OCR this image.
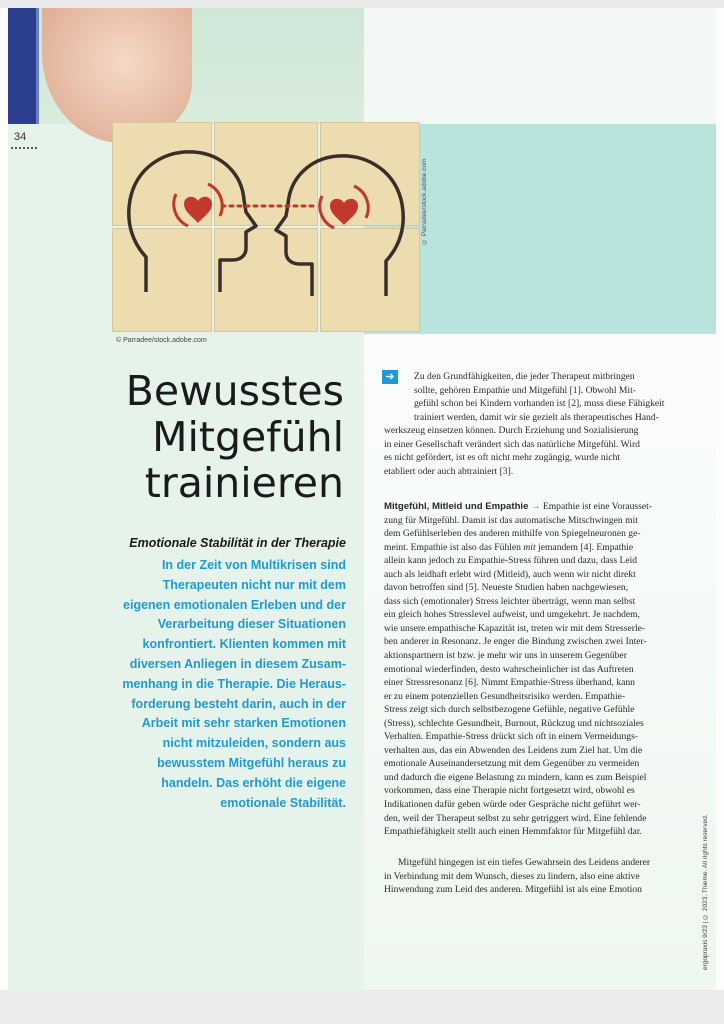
34
© Parradee/stock.adobe.com
© Parradee/stock.adobe.com
Bewusstes
Mitgefühl
trainieren
Emotionale Stabilität in der Therapie
In der Zeit von Multikrisen sind
Therapeuten nicht nur mit dem
eigenen emotionalen Erleben und der
Verarbeitung dieser Situationen
konfrontiert. Klienten kommen mit
diversen Anliegen in diesem Zusam-
menhang in die Therapie. Die Heraus-
forderung besteht darin, auch in der
Arbeit mit sehr starken Emotionen
nicht mitzuleiden, sondern aus
bewusstem Mitgefühl heraus zu
handeln. Das erhöht die eigene
emotionale Stabilität.
➔	Zu den Grundfähigkeiten, die jeder Therapeut mitbringen
sollte, gehören Empathie und Mitgefühl [1]. Obwohl Mit-
gefühl schon bei Kindern vorhanden ist [2], muss diese Fähigkeit
trainiert werden, damit wir sie gezielt als therapeutisches Hand-
werkszeug einsetzen können. Durch Erziehung und Sozialisierung
in einer Gesellschaft verändert sich das natürliche Mitgefühl. Wird
es nicht gefördert, ist es oft nicht mehr zugängig, wurde nicht
etabliert oder auch abtrainiert [3].
Mitgefühl, Mitleid und Empathie → Empathie ist eine Vorausset-
zung für Mitgefühl. Damit ist das automatische Mitschwingen mit
dem Gefühlserleben des anderen mithilfe von Spiegelneuronen ge-
meint. Empathie ist also das Fühlen mit jemandem [4]. Empathie
allein kann jedoch zu Empathie-Stress führen und dazu, dass Leid
auch als leidhaft erlebt wird (Mitleid), auch wenn wir nicht direkt
davon betroffen sind [5]. Neueste Studien haben nachgewiesen,
dass sich (emotionaler) Stress leichter überträgt, wenn man selbst
ein gleich hohes Stresslevel aufweist, und umgekehrt. Je nachdem,
wie unsere empathische Kapazität ist, treten wir mit dem Stresserle-
ben anderer in Resonanz. Je enger die Bindung zwischen zwei Inter-
aktionspartnern ist bzw. je mehr wir uns in unserem Gegenüber
emotional wiederfinden, desto wahrscheinlicher ist das Auftreten
einer Stressresonanz [6]. Nimmt Empathie-Stress überhand, kann
er zu einem potenziellen Gesundheitsrisiko werden. Empathie-
Stress zeigt sich durch selbstbezogene Gefühle, negative Gefühle
(Stress), schlechte Gesundheit, Burnout, Rückzug und nichtsoziales
Verhalten. Empathie-Stress drückt sich oft in einem Vermeidungs-
verhalten aus, das ein Abwenden des Leidens zum Ziel hat. Um die
emotionale Auseinandersetzung mit dem Gegenüber zu vermeiden
und dadurch die eigene Belastung zu mindern, kann es zum Beispiel
vorkommen, dass eine Therapie nicht fortgesetzt wird, obwohl es
Indikationen dafür geben würde oder Gespräche nicht geführt wer-
den, weil der Therapeut selbst zu sehr getriggert wird. Eine fehlende
Empathiefähigkeit stellt auch einen Hemmfaktor für Mitgefühl dar.
Mitgefühl hingegen ist ein tiefes Gewahrsein des Leidens anderer
in Verbindung mit dem Wunsch, dieses zu lindern, also eine aktive
Hinwendung zum Leid des anderen. Mitgefühl ist als eine Emotion	ergopraxis 9/23 | © 2023. Thieme. All rights reserved.
